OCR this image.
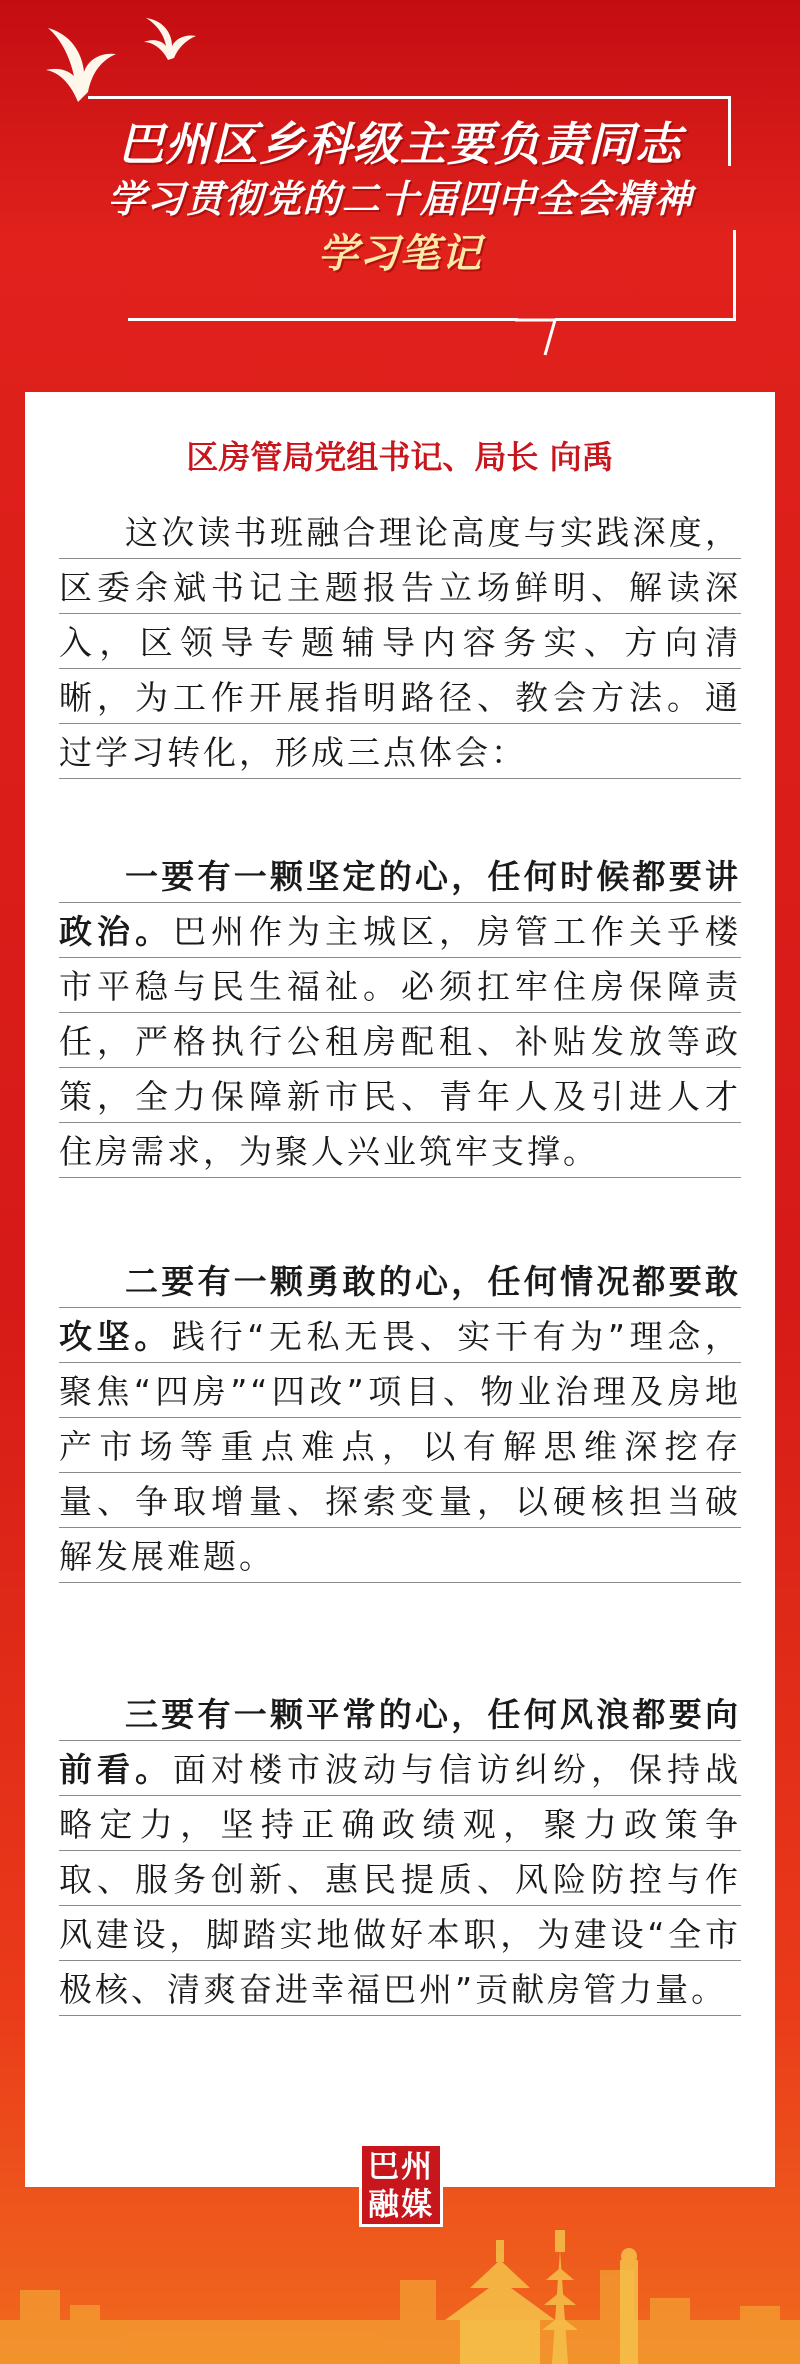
巴州区乡科级主要负责同志
学习贯彻党的二十届四中全会精神
学习笔记
区房管局党组书记、局长 向禹

这次读书班融合理论高度与实践深度，区委余斌书记主题报告立场鲜明、解读深入，区领导专题辅导内容务实、方向清晰，为工作开展指明路径、教会方法。通过学习转化，形成三点体会：

一要有一颗坚定的心，任何时候都要讲政治。巴州作为主城区，房管工作关乎楼市平稳与民生福祉。必须扛牢住房保障责任，严格执行公租房配租、补贴发放等政策，全力保障新市民、青年人及引进人才住房需求，为聚人兴业筑牢支撑。

二要有一颗勇敢的心，任何情况都要敢攻坚。践行“无私无畏、实干有为”理念，聚焦“四房”“四改”项目、物业治理及房地产市场等重点难点，以有解思维深挖存量、争取增量、探索变量，以硬核担当破解发展难题。

三要有一颗平常的心，任何风浪都要向前看。面对楼市波动与信访纠纷，保持战略定力，坚持正确政绩观，聚力政策争取、服务创新、惠民提质、风险防控与作风建设，脚踏实地做好本职，为建设“全市极核、清爽奋进幸福巴州”贡献房管力量。

巴州
融媒
